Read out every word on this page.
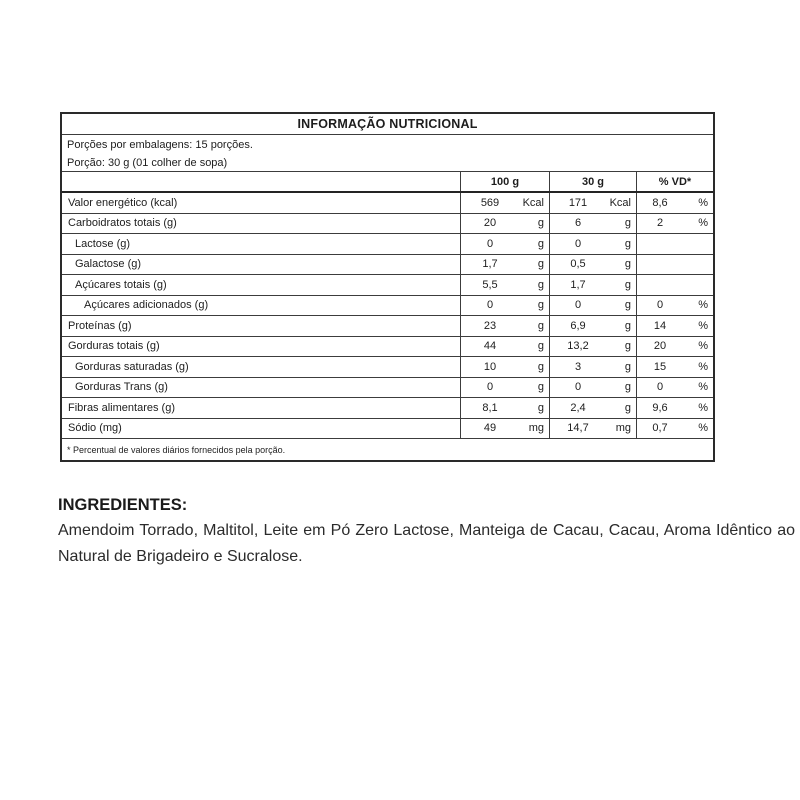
INFORMAÇÃO NUTRICIONAL
Porções por embalagens: 15 porções.
Porção: 30 g (01 colher de sopa)
100 g	30 g	% VD*
Valor energético (kcal)	569	Kcal	171	Kcal	8,6	%
Carboidratos totais (g)	20	g	6	g	2	%
Lactose (g)	0	g	0	g
Galactose (g)	1,7	g	0,5	g
Açúcares totais (g)	5,5	g	1,7	g
Açúcares adicionados (g)	0	g	0	g	0	%
Proteínas (g)	23	g	6,9	g	14	%
Gorduras totais (g)	44	g	13,2	g	20	%
Gorduras saturadas (g)	10	g	3	g	15	%
Gorduras Trans (g)	0	g	0	g	0	%
Fibras alimentares (g)	8,1	g	2,4	g	9,6	%
Sódio (mg)	49	mg	14,7	mg	0,7	%
* Percentual de valores diários fornecidos pela porção.
INGREDIENTES:
Amendoim Torrado, Maltitol, Leite em Pó Zero Lactose, Manteiga de Cacau, Cacau, Aroma Idêntico ao Natural de Brigadeiro e Sucralose.
